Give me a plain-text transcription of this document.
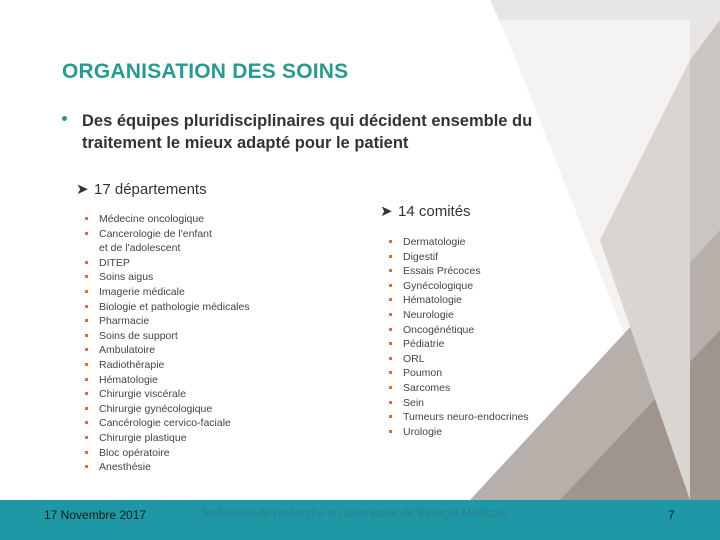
ORGANISATION DES SOINS
Des équipes pluridisciplinaires qui décident ensemble du
traitement le mieux adapté pour le patient
➤ 17 départements
Médecine oncologique
Cancerologie de l'enfant
et de l'adolescent
DITEP
Soins aigus
Imagerie médicale
Biologie et pathologie médicales
Pharmacie
Soins de support
Ambulatoire
Radiothérapie
Hématologie
Chirurgie viscérale
Chirurgie gynécologique
Cancérologie cervico-faciale
Chirurgie plastique
Bloc opératoire
Anesthésie
➤ 14 comités
Dermatologie
Digestif
Essais Précoces
Gynécologique
Hématologie
Neurologie
Oncogénétique
Pédiatrie
ORL
Poumon
Sarcomes
Sein
Tumeurs neuro-endocrines
Urologie
17 Novembre 2017	Technicien de recherche en laboratoire de Biologie Médicale	7
